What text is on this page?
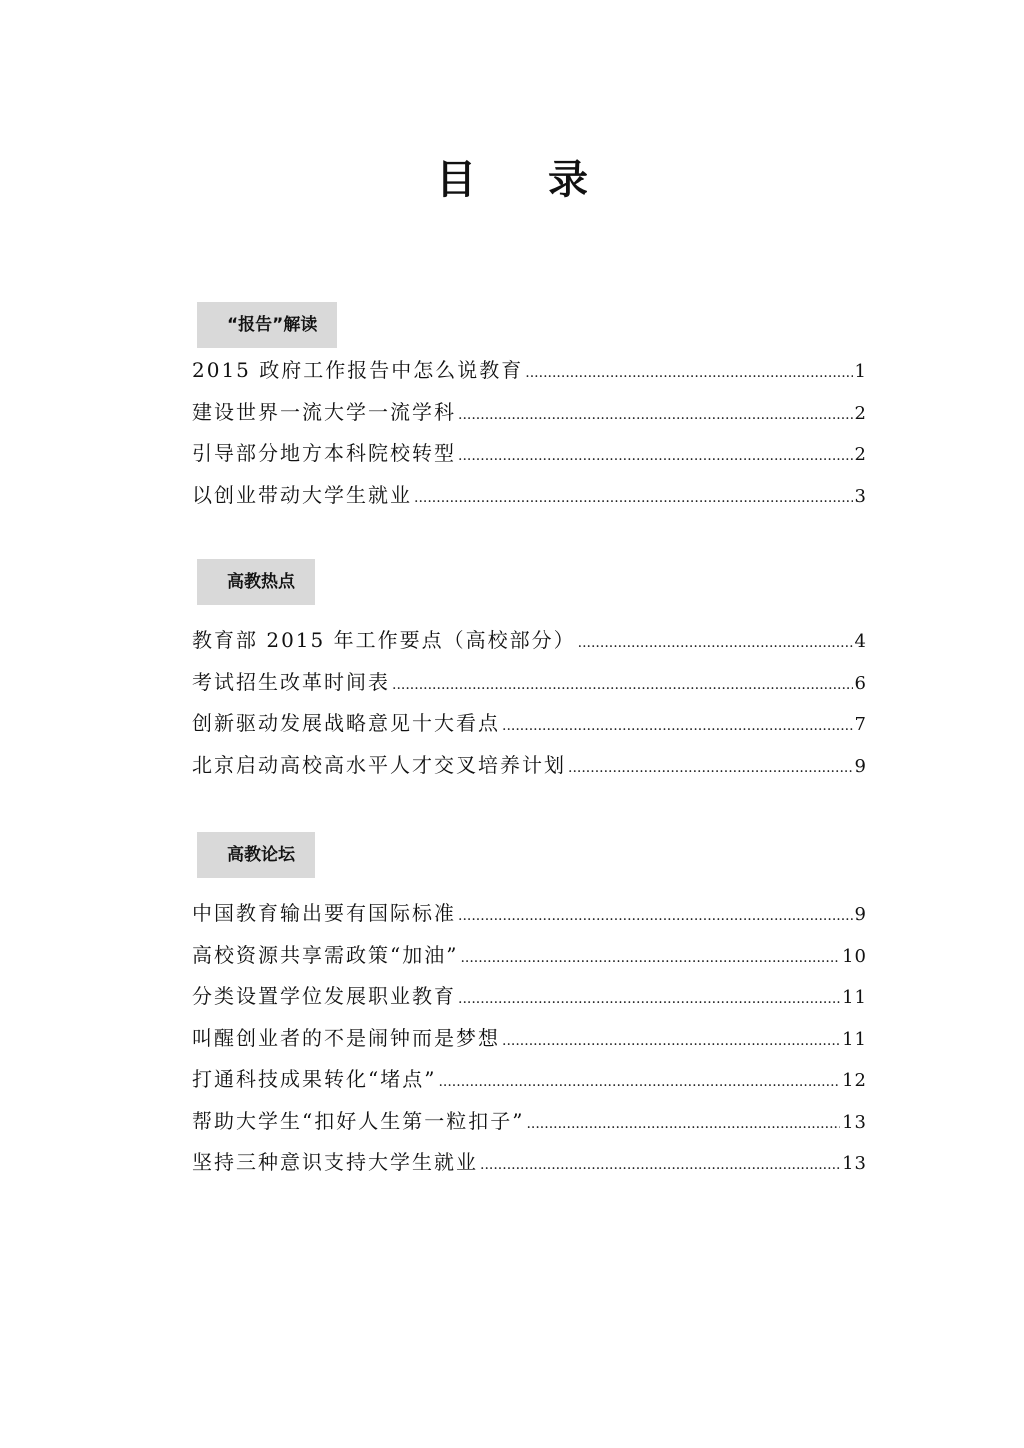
目 录
“报告”解读
2015 政府工作报告中怎么说教育 .....	1
建设世界一流大学一流学科 .....	2
引导部分地方本科院校转型 .....	2
以创业带动大学生就业 .....	3
高教热点
教育部 2015 年工作要点（高校部分） .....	4
考试招生改革时间表 .....	6
创新驱动发展战略意见十大看点 .....	7
北京启动高校高水平人才交叉培养计划 .....	9
高教论坛
中国教育输出要有国际标准 .....	9
高校资源共享需政策“加油” .....	10
分类设置学位发展职业教育 .....	11
叫醒创业者的不是闹钟而是梦想 .....	11
打通科技成果转化“堵点” .....	12
帮助大学生“扣好人生第一粒扣子” .....	13
坚持三种意识支持大学生就业 .....	13
